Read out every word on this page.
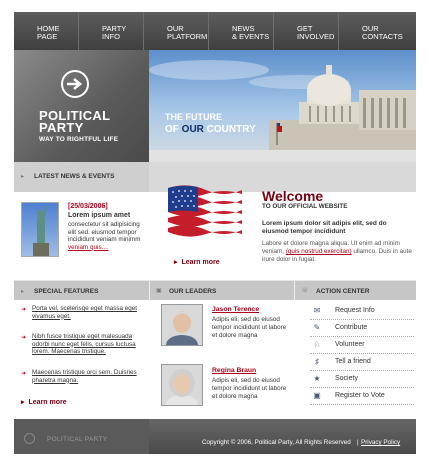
HOME
PAGE
PARTY
INFO
OUR
PLATFORM
NEWS
& EVENTS
GET
INVOLVED
OUR
CONTACTS
POLITICAL
PARTY
WAY TO RIGHTFUL LIFE
THE FUTURE
OF OUR COUNTRY
▸ LATEST NEWS & EVENTS
[25/03/2006]
Lorem ipsum amet
consectetur sit adipisicing elit sed. eiusmod tempor incididunt veniam minimm veniam quis....
▸ Learn more
Welcome
TO OUR OFFICIAL WEBSITE
Lorem ipsum dolor sit adipis elit, sed do eiusmod tempor incididunt
Labore et dolore magna aliqua. Ut enim ad minim veniam, (quis nostrud exercitan) ullamco. Duis in aute irure dolor in fugiat.
▸ SPECIAL FEATURES	▣ OUR LEADERS	☏ ACTION CENTER
➜ Porta vel, scelerisge eget massa eget vivamus eget.
➜ Nibh fusce tristique eget malesuada odorbi nunc eget felis, cursus luctusa lorem. Maecenas tristique.
➜ Maecenas tristique orci sem. Duisries pharetra magna.
▸ Learn more
Jason Terence
Adipis eli, sed do eiusod tempor incididunt ut labore et dolore magna
Regina Braun
Adipis eli, sed do eiusod tempor incididunt ut labore et dolore magna
✉ Request Info
✎ Contribute
♘ Volunteer
♯	Tell a friend
★ Society
▣ Register to Vote
POLITICAL PARTY	Copyright © 2006, Political Party, All Rights Reserved | Privacy Policy
